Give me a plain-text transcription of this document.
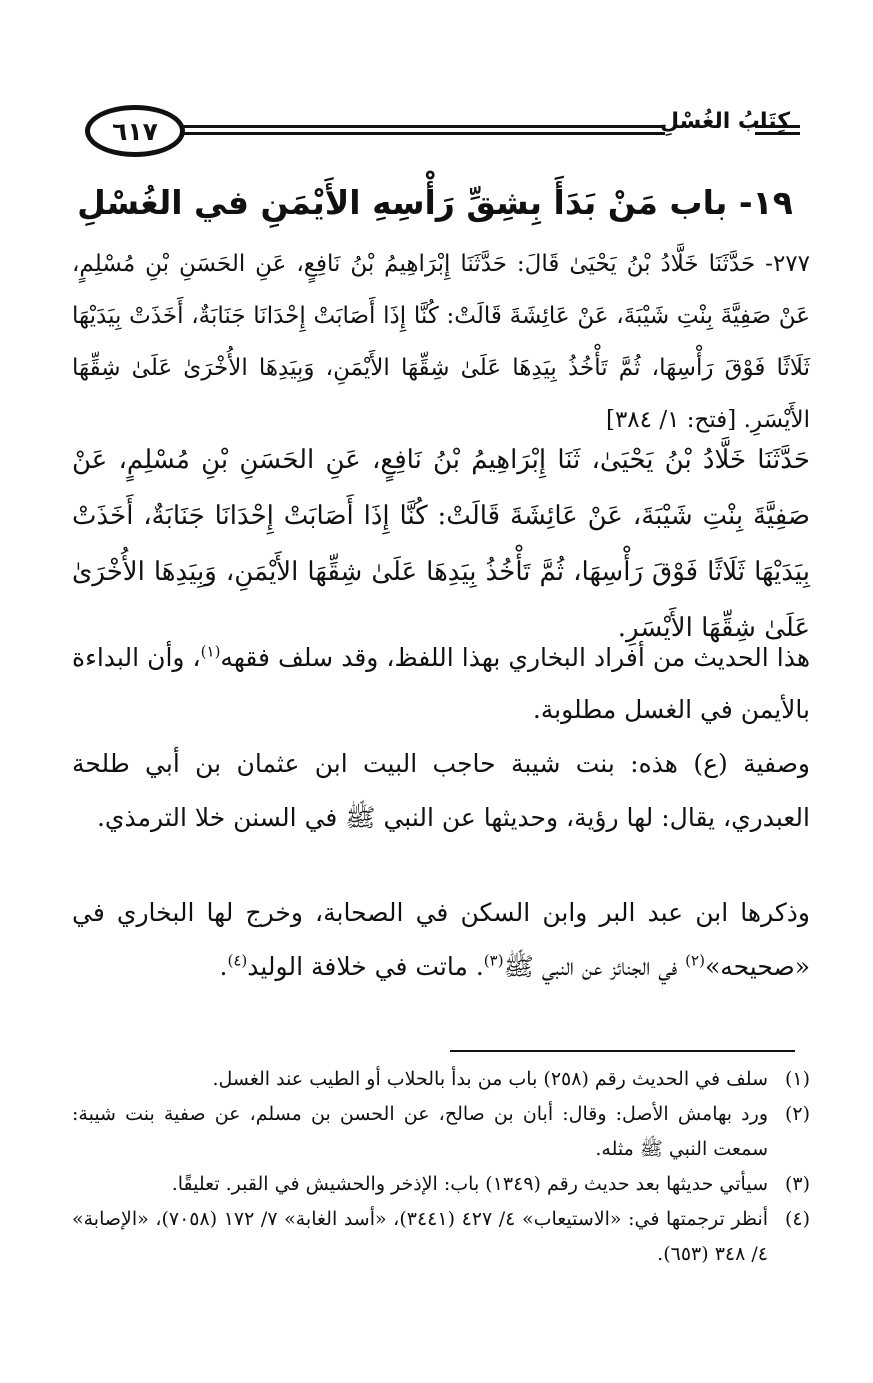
٦١٧	كِتَابُ الغُسْلِ
١٩- باب مَنْ بَدَأَ بِشِقِّ رَأْسِهِ الأَيْمَنِ في الغُسْلِ

٢٧٧- حَدَّثَنَا خَلَّادُ بْنُ يَحْيَىٰ قَالَ: حَدَّثَنَا إِبْرَاهِيمُ بْنُ نَافِعٍ، عَنِ الحَسَنِ بْنِ مُسْلِمٍ، عَنْ صَفِيَّةَ بِنْتِ شَيْبَةَ، عَنْ عَائِشَةَ قَالَتْ: كُنَّا إِذَا أَصَابَتْ إِحْدَانَا جَنَابَةٌ، أَخَذَتْ بِيَدَيْهَا ثَلَاثًا فَوْقَ رَأْسِهَا، ثُمَّ تَأْخُذُ بِيَدِهَا عَلَىٰ شِقِّهَا الأَيْمَنِ، وَبِيَدِهَا الأُخْرَىٰ عَلَىٰ شِقِّهَا الأَيْسَرِ. [فتح: ١/ ٣٨٤]

حَدَّثَنَا خَلَّادُ بْنُ يَحْيَىٰ، ثَنَا إِبْرَاهِيمُ بْنُ نَافِعٍ، عَنِ الحَسَنِ بْنِ مُسْلِمٍ، عَنْ صَفِيَّةَ بِنْتِ شَيْبَةَ، عَنْ عَائِشَةَ قَالَتْ: كُنَّا إِذَا أَصَابَتْ إِحْدَانَا جَنَابَةٌ، أَخَذَتْ بِيَدَيْهَا ثَلَاثًا فَوْقَ رَأْسِهَا، ثُمَّ تَأْخُذُ بِيَدِهَا عَلَىٰ شِقِّهَا الأَيْمَنِ، وَبِيَدِهَا الأُخْرَىٰ عَلَىٰ شِقِّهَا الأَيْسَرِ.

هذا الحديث من أفراد البخاري بهذا اللفظ، وقد سلف فقهه$^{(١)}$، وأن البداءة بالأيمن في الغسل مطلوبة.

وصفية (ع) هذه: بنت شيبة حاجب البيت ابن عثمان بن أبي طلحة العبدري، يقال: لها رؤية، وحديثها عن النبي ﷺ في السنن خلا الترمذي.

وذكرها ابن عبد البر وابن السكن في الصحابة، وخرج لها البخاري في «صحيحه»$^{(٢)}$ في الجنائز عن النبي ﷺ$^{(٣)}$. ماتت في خلافة الوليد$^{(٤)}$.

(١)
سلف في الحديث رقم (٢٥٨) باب من بدأ بالحلاب أو الطيب عند الغسل.

(٢)
ورد بهامش الأصل: وقال: أبان بن صالح، عن الحسن بن مسلم، عن صفية بنت شيبة: سمعت النبي ﷺ مثله.

(٣)
سيأتي حديثها بعد حديث رقم (١٣٤٩) باب: الإذخر والحشيش في القبر. تعليقًا.

(٤)
أنظر ترجمتها في: «الاستيعاب» ٤/ ٤٢٧ (٣٤٤١)، «أسد الغابة» ٧/ ١٧٢ (٧٠٥٨)، «الإصابة» ٤/ ٣٤٨ (٦٥٣).
